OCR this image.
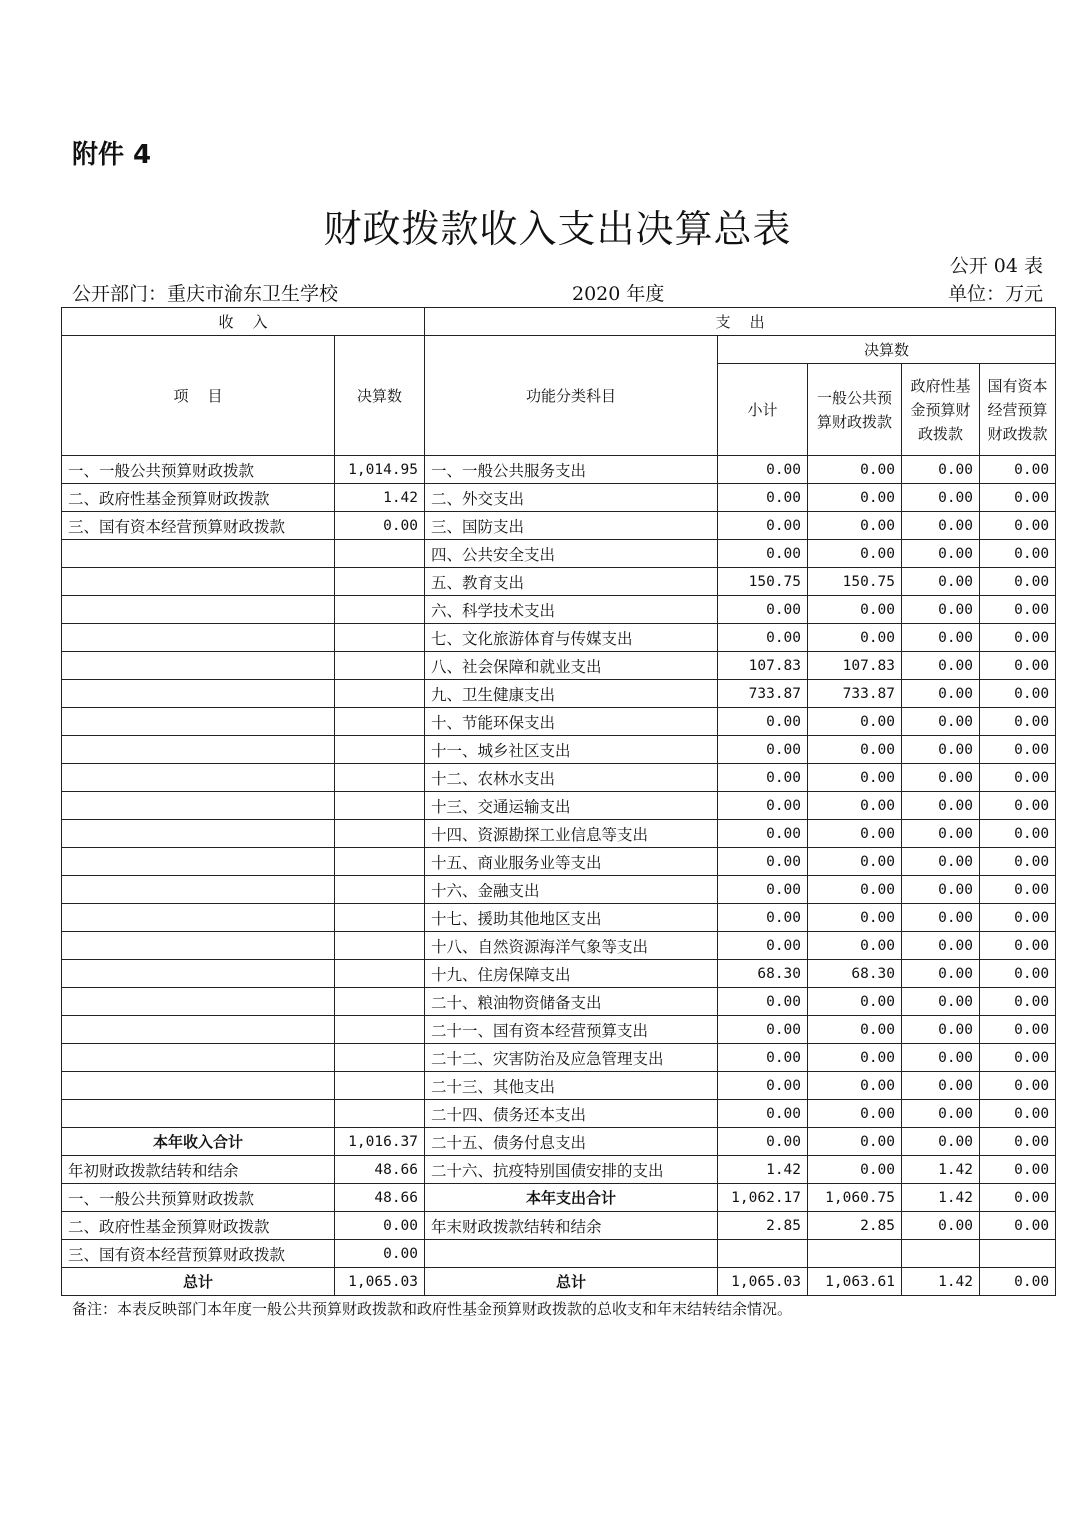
附件 4
财政拨款收入支出决算总表
公开 04 表
公开部门：重庆市渝东卫生学校	2020 年度	单位：万元
收    入		支    出				
项    目	决算数	功能分类科目	决算数			
			小计	一般公共预算财政拨款	政府性基金预算财政拨款	国有资本经营预算财政拨款
一、一般公共预算财政拨款	1,014.95	一、一般公共服务支出	0.00	0.00	0.00	0.00
二、政府性基金预算财政拨款	1.42	二、外交支出	0.00	0.00	0.00	0.00
三、国有资本经营预算财政拨款	0.00	三、国防支出	0.00	0.00	0.00	0.00
		四、公共安全支出	0.00	0.00	0.00	0.00
		五、教育支出	150.75	150.75	0.00	0.00
		六、科学技术支出	0.00	0.00	0.00	0.00
		七、文化旅游体育与传媒支出	0.00	0.00	0.00	0.00
		八、社会保障和就业支出	107.83	107.83	0.00	0.00
		九、卫生健康支出	733.87	733.87	0.00	0.00
		十、节能环保支出	0.00	0.00	0.00	0.00
		十一、城乡社区支出	0.00	0.00	0.00	0.00
		十二、农林水支出	0.00	0.00	0.00	0.00
		十三、交通运输支出	0.00	0.00	0.00	0.00
		十四、资源勘探工业信息等支出	0.00	0.00	0.00	0.00
		十五、商业服务业等支出	0.00	0.00	0.00	0.00
		十六、金融支出	0.00	0.00	0.00	0.00
		十七、援助其他地区支出	0.00	0.00	0.00	0.00
		十八、自然资源海洋气象等支出	0.00	0.00	0.00	0.00
		十九、住房保障支出	68.30	68.30	0.00	0.00
		二十、粮油物资储备支出	0.00	0.00	0.00	0.00
		二十一、国有资本经营预算支出	0.00	0.00	0.00	0.00
		二十二、灾害防治及应急管理支出	0.00	0.00	0.00	0.00
		二十三、其他支出	0.00	0.00	0.00	0.00
		二十四、债务还本支出	0.00	0.00	0.00	0.00
本年收入合计	1,016.37	二十五、债务付息支出	0.00	0.00	0.00	0.00
年初财政拨款结转和结余	48.66	二十六、抗疫特别国债安排的支出	1.42	0.00	1.42	0.00
一、一般公共预算财政拨款	48.66	本年支出合计	1,062.17	1,060.75	1.42	0.00
二、政府性基金预算财政拨款	0.00	年末财政拨款结转和结余	2.85	2.85	0.00	0.00
三、国有资本经营预算财政拨款	0.00					
总计	1,065.03	总计	1,065.03	1,063.61	1.42	0.00
备注：本表反映部门本年度一般公共预算财政拨款和政府性基金预算财政拨款的总收支和年末结转结余情况。
